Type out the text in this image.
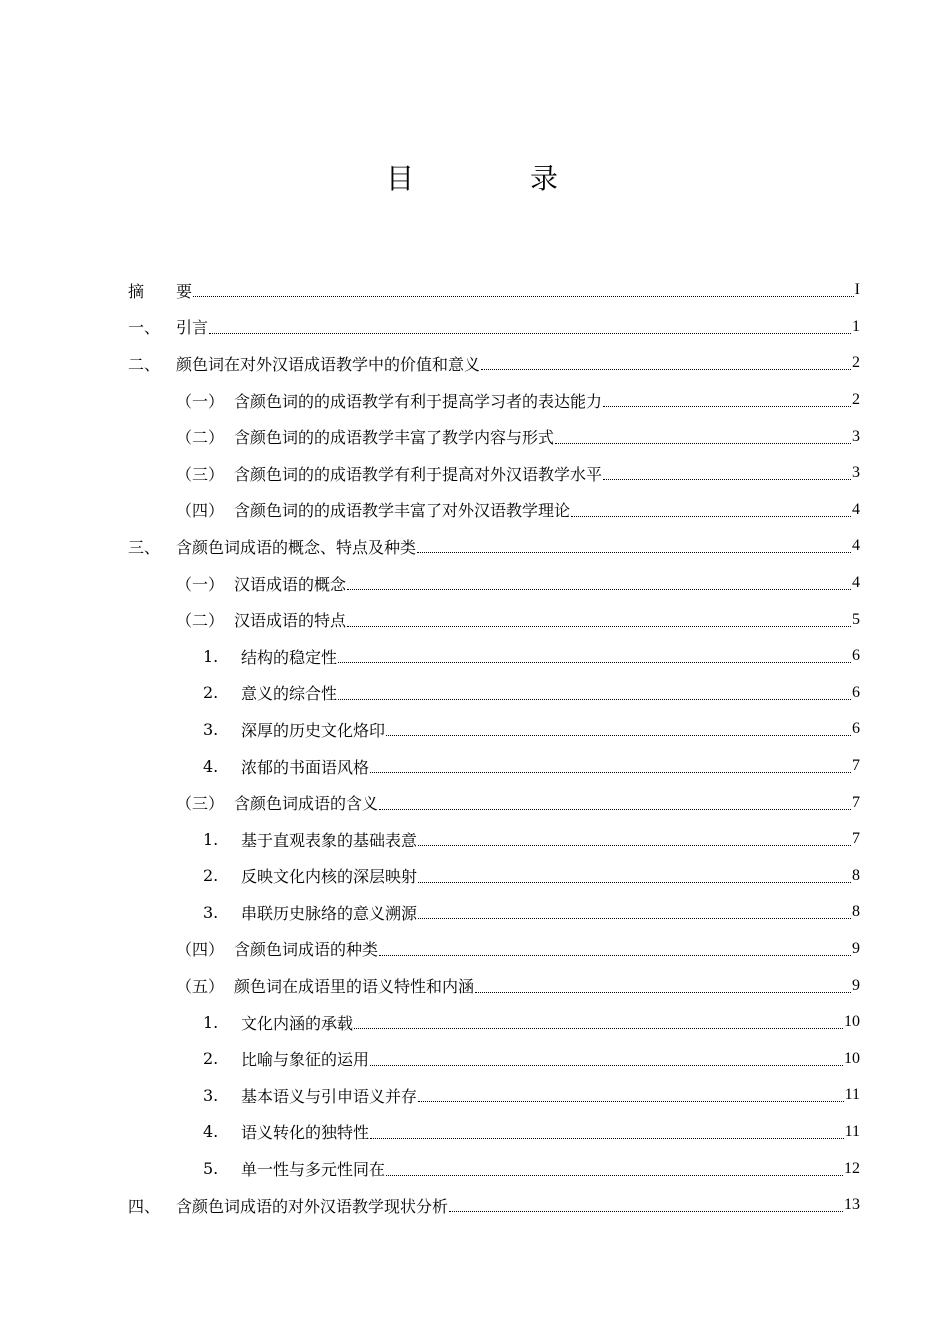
目　录
摘	要	I
一、 引言	1
二、 颜色词在对外汉语成语教学中的价值和意义	2
（一） 含颜色词的的成语教学有利于提高学习者的表达能力	2
（二） 含颜色词的的成语教学丰富了教学内容与形式	3
（三） 含颜色词的的成语教学有利于提高对外汉语教学水平	3
（四） 含颜色词的的成语教学丰富了对外汉语教学理论	4
三、 含颜色词成语的概念、特点及种类	4
（一） 汉语成语的概念	4
（二） 汉语成语的特点	5
1.	结构的稳定性	6
2.	意义的综合性	6
3.	深厚的历史文化烙印	6
4.	浓郁的书面语风格	7
（三） 含颜色词成语的含义	7
1.	基于直观表象的基础表意	7
2.	反映文化内核的深层映射	8
3.	串联历史脉络的意义溯源	8
（四） 含颜色词成语的种类	9
（五） 颜色词在成语里的语义特性和内涵	9
1.	文化内涵的承载	10
2.	比喻与象征的运用	10
3.	基本语义与引申语义并存	11
4.	语义转化的独特性	11
5.	单一性与多元性同在	12
四、 含颜色词成语的对外汉语教学现状分析	13
